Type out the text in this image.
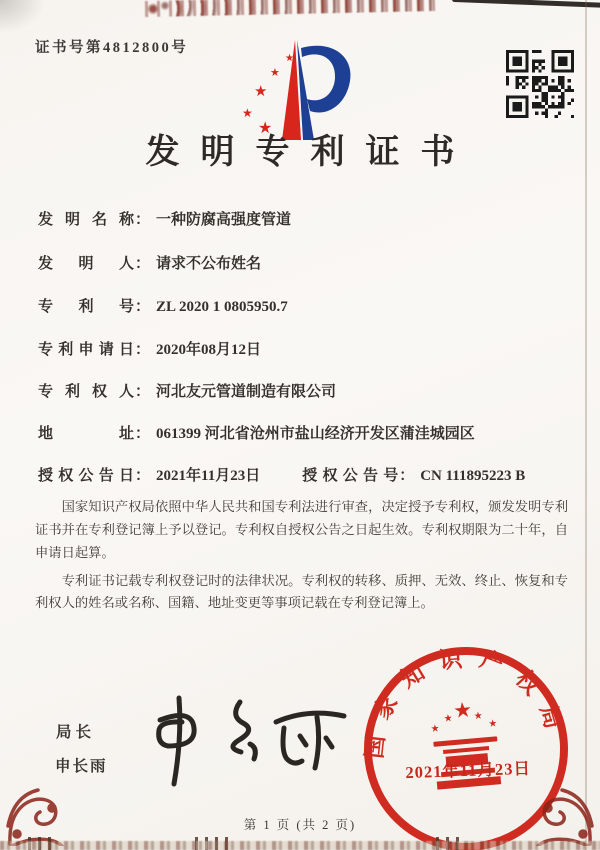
证书号第4812800号
★
★
★
★
★
发明专利证书
发明名称 ： 一种防腐高强度管道
发明人 ： 请求不公布姓名
专利号 ： ZL 2020 1 0805950.7
专利申请日 ： 2020年08月12日
专利权人 ： 河北友元管道制造有限公司
地址 ： 061399 河北省沧州市盐山经济开发区蒲洼城园区
授权公告日 ： 2021年11月23日	授权公告号 ： CN 111895223 B

国家知识产权局依照中华人民共和国专利法进行审查，决定授予专利权，颁发发明专利证书并在专利登记簿上予以登记。专利权自授权公告之日起生效。专利权期限为二十年，自申请日起算。

专利证书记载专利权登记时的法律状况。专利权的转移、质押、无效、终止、恢复和专利权人的姓名或名称、国籍、地址变更等事项记载在专利登记簿上。

局长
申长雨
国家知识产权局
★
★
★ ★
★
2021年11月23日
第 1 页 (共 2 页)
